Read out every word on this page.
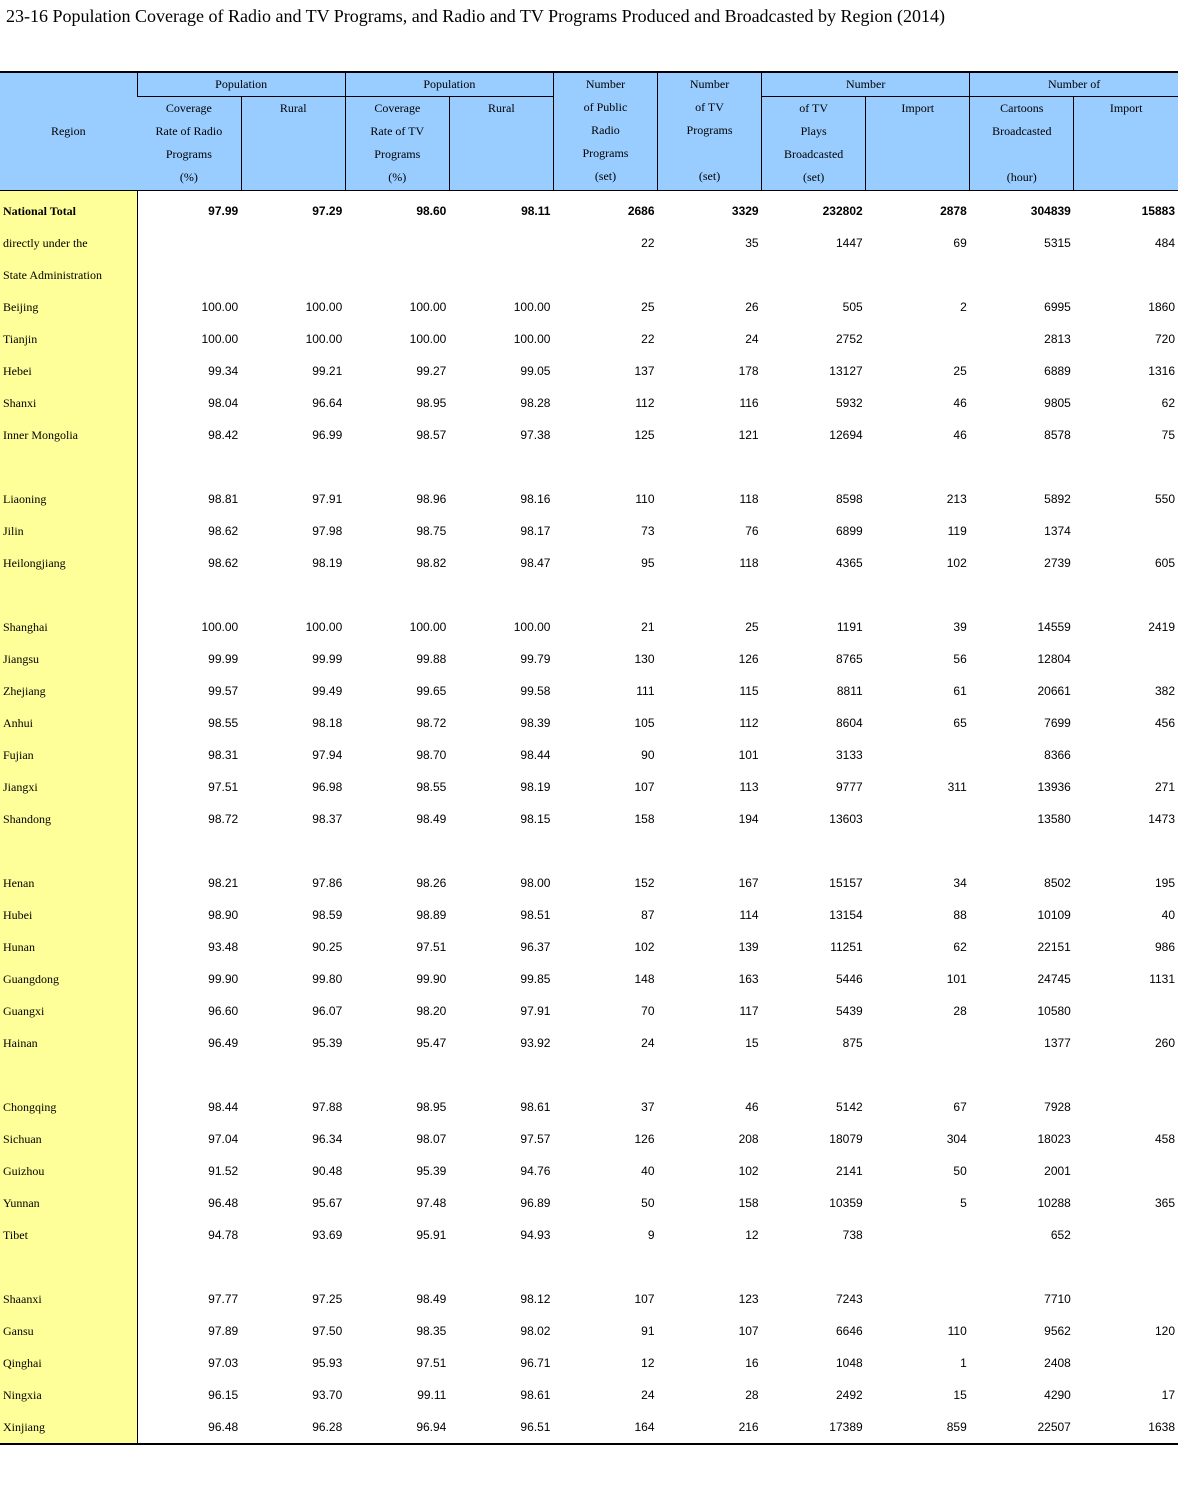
23-16 Population Coverage of Radio and TV Programs, and Radio and TV Programs Produced and Broadcasted by Region (2014)
Region	Population		Population		Number
of Public
Radio
Programs
(set)	Number
of TV
Programs
(set)	Number		Number of	

	Coverage
Rate of Radio
Programs
(%)	Rural	Coverage
Rate of TV
Programs
(%)	Rural			of TV
Plays
Broadcasted
(set)	Import	Cartoons
Broadcasted
(hour)	Import

National Total	97.99	97.29	98.60	98.11	2686	3329	232802	2878	304839	15883
directly under the					22	35	1447	69	5315	484
State Administration										
Beijing	100.00	100.00	100.00	100.00	25	26	505	2	6995	1860
Tianjin	100.00	100.00	100.00	100.00	22	24	2752		2813	720
Hebei	99.34	99.21	99.27	99.05	137	178	13127	25	6889	1316
Shanxi	98.04	96.64	98.95	98.28	112	116	5932	46	9805	62
Inner Mongolia	98.42	96.99	98.57	97.38	125	121	12694	46	8578	75

Liaoning	98.81	97.91	98.96	98.16	110	118	8598	213	5892	550
Jilin	98.62	97.98	98.75	98.17	73	76	6899	119	1374	
Heilongjiang	98.62	98.19	98.82	98.47	95	118	4365	102	2739	605

Shanghai	100.00	100.00	100.00	100.00	21	25	1191	39	14559	2419
Jiangsu	99.99	99.99	99.88	99.79	130	126	8765	56	12804	
Zhejiang	99.57	99.49	99.65	99.58	111	115	8811	61	20661	382
Anhui	98.55	98.18	98.72	98.39	105	112	8604	65	7699	456
Fujian	98.31	97.94	98.70	98.44	90	101	3133		8366	
Jiangxi	97.51	96.98	98.55	98.19	107	113	9777	311	13936	271
Shandong	98.72	98.37	98.49	98.15	158	194	13603		13580	1473

Henan	98.21	97.86	98.26	98.00	152	167	15157	34	8502	195
Hubei	98.90	98.59	98.89	98.51	87	114	13154	88	10109	40
Hunan	93.48	90.25	97.51	96.37	102	139	11251	62	22151	986
Guangdong	99.90	99.80	99.90	99.85	148	163	5446	101	24745	1131
Guangxi	96.60	96.07	98.20	97.91	70	117	5439	28	10580	
Hainan	96.49	95.39	95.47	93.92	24	15	875		1377	260

Chongqing	98.44	97.88	98.95	98.61	37	46	5142	67	7928	
Sichuan	97.04	96.34	98.07	97.57	126	208	18079	304	18023	458
Guizhou	91.52	90.48	95.39	94.76	40	102	2141	50	2001	
Yunnan	96.48	95.67	97.48	96.89	50	158	10359	5	10288	365
Tibet	94.78	93.69	95.91	94.93	9	12	738		652	

Shaanxi	97.77	97.25	98.49	98.12	107	123	7243		7710	
Gansu	97.89	97.50	98.35	98.02	91	107	6646	110	9562	120
Qinghai	97.03	95.93	97.51	96.71	12	16	1048	1	2408	
Ningxia	96.15	93.70	99.11	98.61	24	28	2492	15	4290	17
Xinjiang	96.48	96.28	96.94	96.51	164	216	17389	859	22507	1638
